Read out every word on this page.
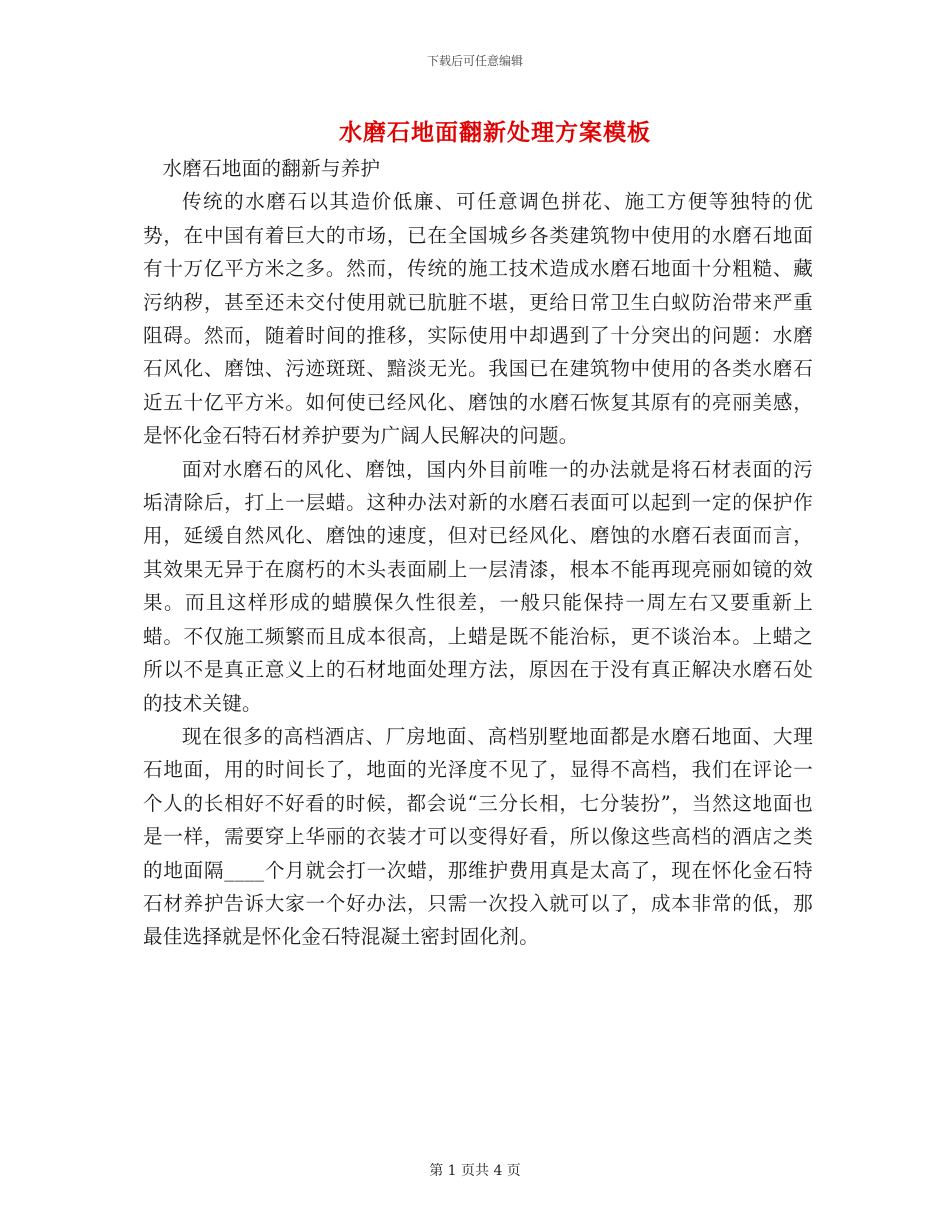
下载后可任意编辑
水磨石地面翻新处理方案模板

水磨石地面的翻新与养护

传统的水磨石以其造价低廉、可任意调色拼花、施工方便等独特的优势，在中国有着巨大的市场，已在全国城乡各类建筑物中使用的水磨石地面有十万亿平方米之多。然而，传统的施工技术造成水磨石地面十分粗糙、藏污纳秽，甚至还未交付使用就已肮脏不堪，更给日常卫生白蚁防治带来严重阻碍。然而，随着时间的推移，实际使用中却遇到了十分突出的问题：水磨石风化、磨蚀、污迹斑斑、黯淡无光。我国已在建筑物中使用的各类水磨石近五十亿平方米。如何使已经风化、磨蚀的水磨石恢复其原有的亮丽美感，是怀化金石特石材养护要为广阔人民解决的问题。

面对水磨石的风化、磨蚀，国内外目前唯一的办法就是将石材表面的污垢清除后，打上一层蜡。这种办法对新的水磨石表面可以起到一定的保护作用，延缓自然风化、磨蚀的速度，但对已经风化、磨蚀的水磨石表面而言，其效果无异于在腐朽的木头表面刷上一层清漆，根本不能再现亮丽如镜的效果。而且这样形成的蜡膜保久性很差，一般只能保持一周左右又要重新上蜡。不仅施工频繁而且成本很高，上蜡是既不能治标，更不谈治本。上蜡之所以不是真正意义上的石材地面处理方法，原因在于没有真正解决水磨石处的技术关键。

现在很多的高档酒店、厂房地面、高档别墅地面都是水磨石地面、大理石地面，用的时间长了，地面的光泽度不见了，显得不高档，我们在评论一个人的长相好不好看的时候，都会说“三分长相，七分装扮”，当然这地面也是一样，需要穿上华丽的衣装才可以变得好看，所以像这些高档的酒店之类的地面隔____个月就会打一次蜡，那维护费用真是太高了，现在怀化金石特石材养护告诉大家一个好办法，只需一次投入就可以了，成本非常的低，那最佳选择就是怀化金石特混凝土密封固化剂。

第 1 页共 4 页
